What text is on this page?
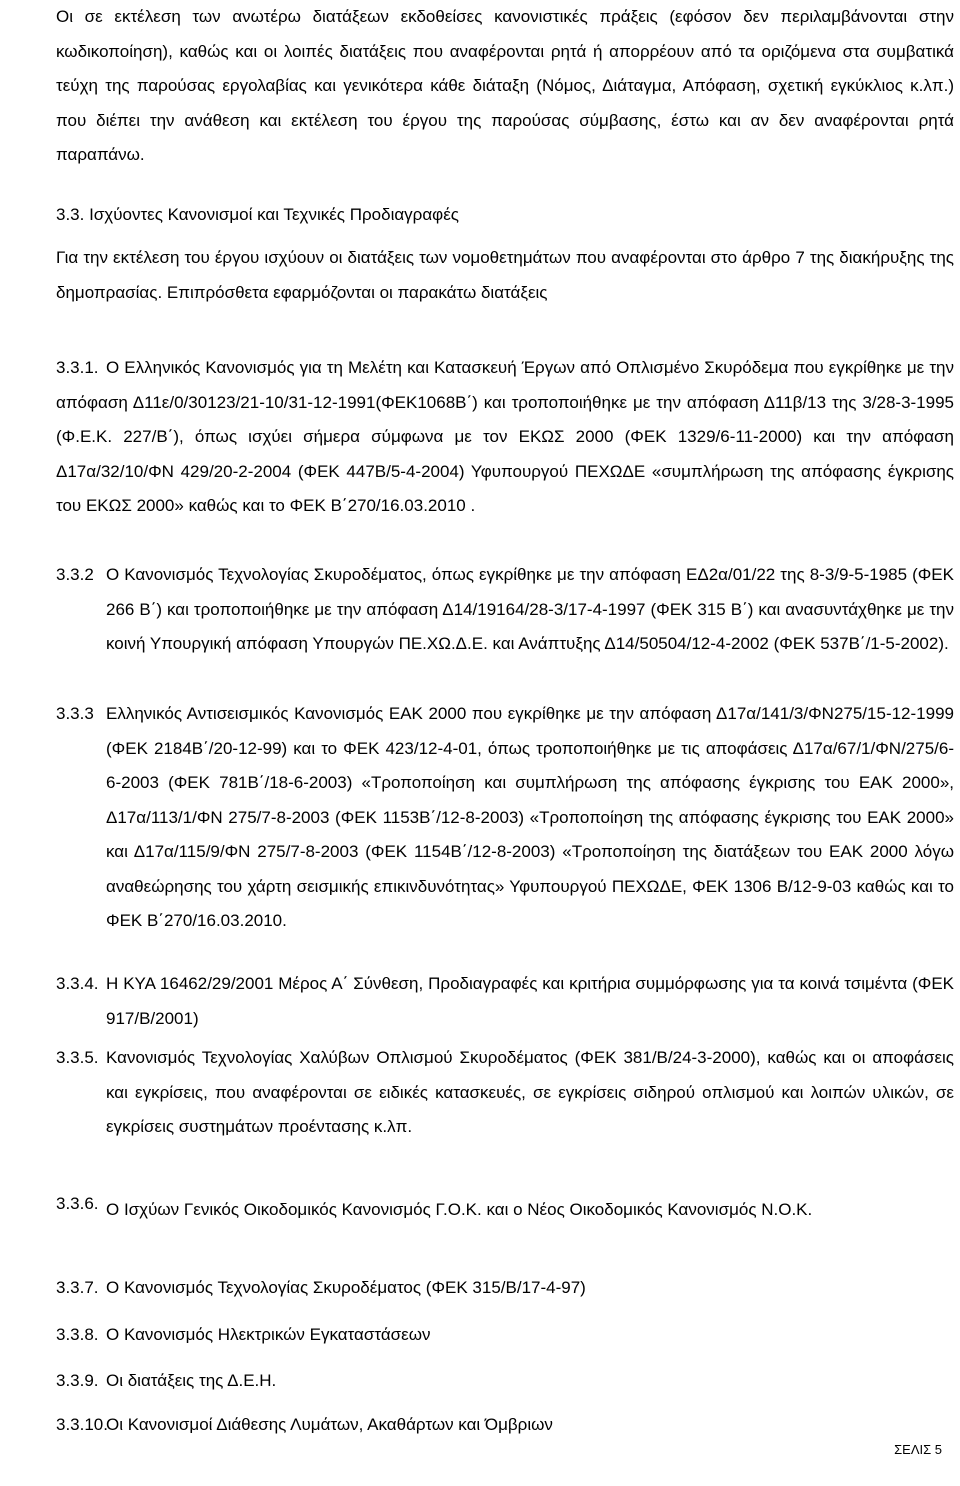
Οι σε εκτέλεση των ανωτέρω διατάξεων εκδοθείσες κανονιστικές πράξεις (εφόσον δεν περιλαμβάνονται στην κωδικοποίηση), καθώς και οι λοιπές διατάξεις που αναφέρονται ρητά ή απορρέουν από τα οριζόμενα στα συμβατικά τεύχη της παρούσας εργολαβίας και γενικότερα κάθε διάταξη (Νόμος, Διάταγμα, Απόφαση, σχετική εγκύκλιος κ.λπ.) που διέπει την ανάθεση και εκτέλεση του έργου της παρούσας σύμβασης, έστω και αν δεν αναφέρονται ρητά παραπάνω.

3.3. Ισχύοντες Κανονισμοί και Τεχνικές Προδιαγραφές

Για την εκτέλεση του έργου ισχύουν οι διατάξεις των νομοθετημάτων που αναφέρονται στο άρθρο 7 της διακήρυξης της δημοπρασίας. Επιπρόσθετα εφαρμόζονται οι παρακάτω διατάξεις

3.3.1. Ο Ελληνικός Κανονισμός για τη Μελέτη και Κατασκευή Έργων από Οπλισμένο Σκυρόδεμα που εγκρίθηκε με την απόφαση Δ11ε/0/30123/21-10/31-12-1991(ΦΕΚ1068Β΄) και τροποποιήθηκε με την απόφαση Δ11β/13 της 3/28-3-1995 (Φ.Ε.Κ. 227/Β΄), όπως ισχύει σήμερα σύμφωνα με τον ΕΚΩΣ 2000 (ΦΕΚ 1329/6-11-2000) και την απόφαση Δ17α/32/10/ΦΝ 429/20-2-2004 (ΦΕΚ 447Β/5-4-2004) Υφυπουργού ΠΕΧΩΔΕ «συμπλήρωση της απόφασης έγκρισης του ΕΚΩΣ 2000» καθώς και το ΦΕΚ Β΄270/16.03.2010 .
3.3.2 Ο Κανονισμός Τεχνολογίας Σκυροδέματος, όπως εγκρίθηκε με την απόφαση ΕΔ2α/01/22 της 8-3/9-5-1985 (ΦΕΚ 266 Β΄) και τροποποιήθηκε με την απόφαση Δ14/19164/28-3/17-4-1997 (ΦΕΚ 315 Β΄) και ανασυντάχθηκε με την κοινή Υπουργική απόφαση Υπουργών ΠΕ.ΧΩ.Δ.Ε. και Ανάπτυξης Δ14/50504/12-4-2002 (ΦΕΚ 537Β΄/1-5-2002).
3.3.3 Ελληνικός Αντισεισμικός Κανονισμός ΕΑΚ 2000 που εγκρίθηκε με την απόφαση Δ17α/141/3/ΦΝ275/15-12-1999 (ΦΕΚ 2184Β΄/20-12-99) και το ΦΕΚ 423/12-4-01, όπως τροποποιήθηκε με τις αποφάσεις Δ17α/67/1/ΦΝ/275/6-6-2003 (ΦΕΚ 781Β΄/18-6-2003) «Τροποποίηση και συμπλήρωση της απόφασης έγκρισης του ΕΑΚ 2000», Δ17α/113/1/ΦΝ 275/7-8-2003 (ΦΕΚ 1153Β΄/12-8-2003) «Τροποποίηση της απόφασης έγκρισης του ΕΑΚ 2000» και Δ17α/115/9/ΦΝ 275/7-8-2003 (ΦΕΚ 1154Β΄/12-8-2003) «Τροποποίηση της διατάξεων του ΕΑΚ 2000 λόγω αναθεώρησης του χάρτη σεισμικής επικινδυνότητας» Υφυπουργού ΠΕΧΩΔΕ, ΦΕΚ 1306 Β/12-9-03 καθώς και το ΦΕΚ Β΄270/16.03.2010.
3.3.4. Η ΚΥΑ 16462/29/2001 Μέρος Α΄ Σύνθεση, Προδιαγραφές και κριτήρια συμμόρφωσης για τα κοινά τσιμέντα (ΦΕΚ 917/Β/2001)
3.3.5. Κανονισμός Τεχνολογίας Χαλύβων Οπλισμού Σκυροδέματος (ΦΕΚ 381/Β/24-3-2000), καθώς και οι αποφάσεις και εγκρίσεις, που αναφέρονται σε ειδικές κατασκευές, σε εγκρίσεις σιδηρού οπλισμού και λοιπών υλικών, σε εγκρίσεις συστημάτων προέντασης κ.λπ.
3.3.6. Ο Ισχύων Γενικός Οικοδομικός Κανονισμός Γ.Ο.Κ. και ο Νέος Οικοδομικός Κανονισμός Ν.Ο.Κ.
3.3.7. Ο Κανονισμός Τεχνολογίας Σκυροδέματος (ΦΕΚ 315/Β/17-4-97)
3.3.8. Ο Κανονισμός Ηλεκτρικών Εγκαταστάσεων
3.3.9. Οι διατάξεις της Δ.Ε.Η.
3.3.10.
Οι Κανονισμοί Διάθεσης Λυμάτων, Ακαθάρτων και Όμβριων
ΣΕΛΙΣ 5
